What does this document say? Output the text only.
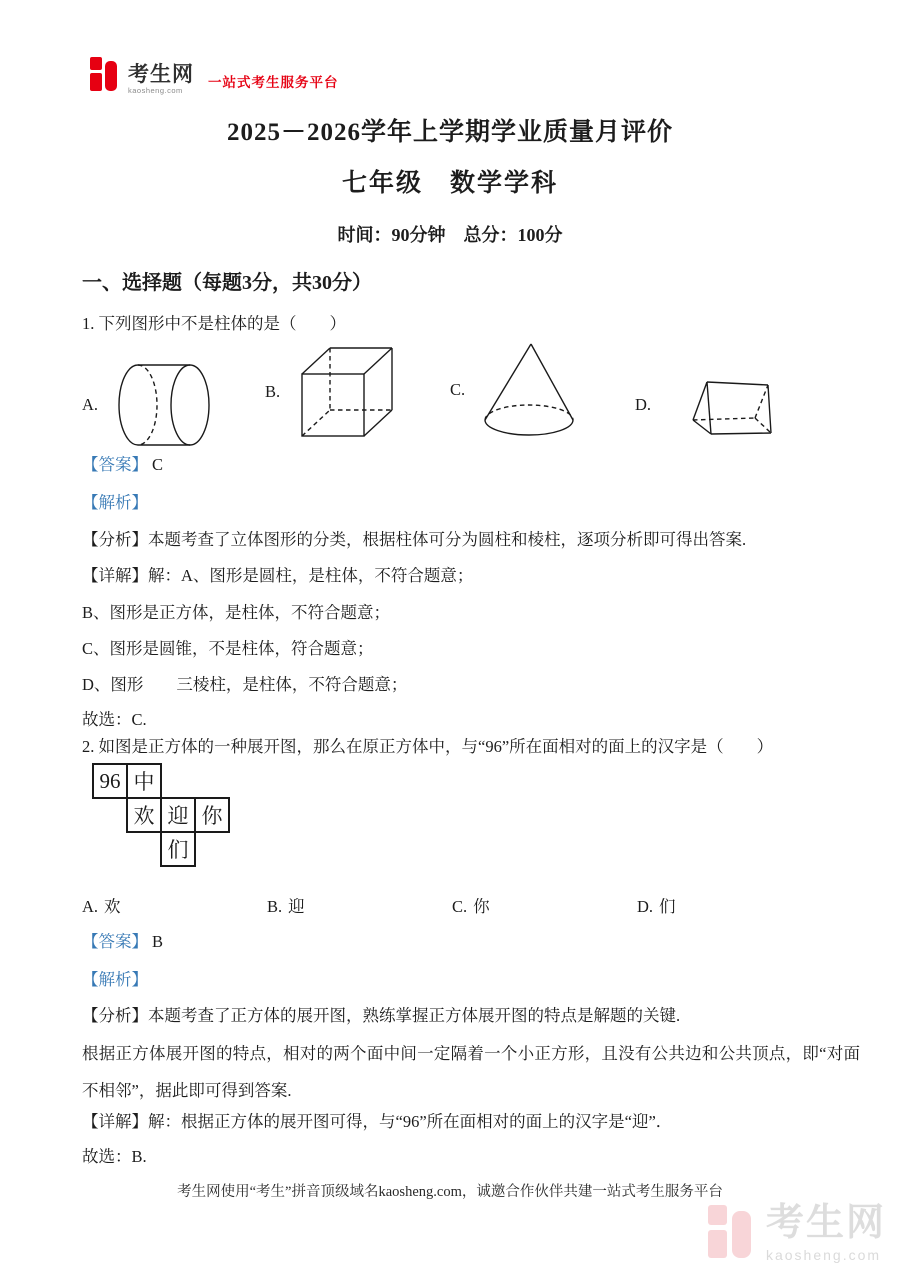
考生网
kaosheng.com	一站式考生服务平台
2025－2026学年上学期学业质量月评价
七年级　数学学科
时间：90分钟　总分：100分
一、选择题（每题3分，共30分）
1. 下列图形中不是柱体的是（　　）
A.
B.	C.
D.
【答案】 C
【解析】
【分析】本题考查了立体图形的分类，根据柱体可分为圆柱和棱柱，逐项分析即可得出答案.
【详解】解：A、图形是圆柱，是柱体，不符合题意；
B、图形是正方体，是柱体，不符合题意；
C、图形是圆锥，不是柱体，符合题意；
D、图形　　三棱柱，是柱体，不符合题意；
故选：C.
2. 如图是正方体的一种展开图，那么在原正方体中，与“96”所在面相对的面上的汉字是（　　）
96 中
欢 迎 你
们
A. 欢	B. 迎	C. 你	D. 们
【答案】 B
【解析】
【分析】本题考查了正方体的展开图，熟练掌握正方体展开图的特点是解题的关键.
根据正方体展开图的特点，相对的两个面中间一定隔着一个小正方形，且没有公共边和公共顶点，即“对面不相邻”，据此即可得到答案.
【详解】解：根据正方体的展开图可得，与“96”所在面相对的面上的汉字是“迎”．
故选：B.
考生网使用“考生”拼音顶级域名kaosheng.com，诚邀合作伙伴共建一站式考生服务平台
考生网
kaosheng.com
